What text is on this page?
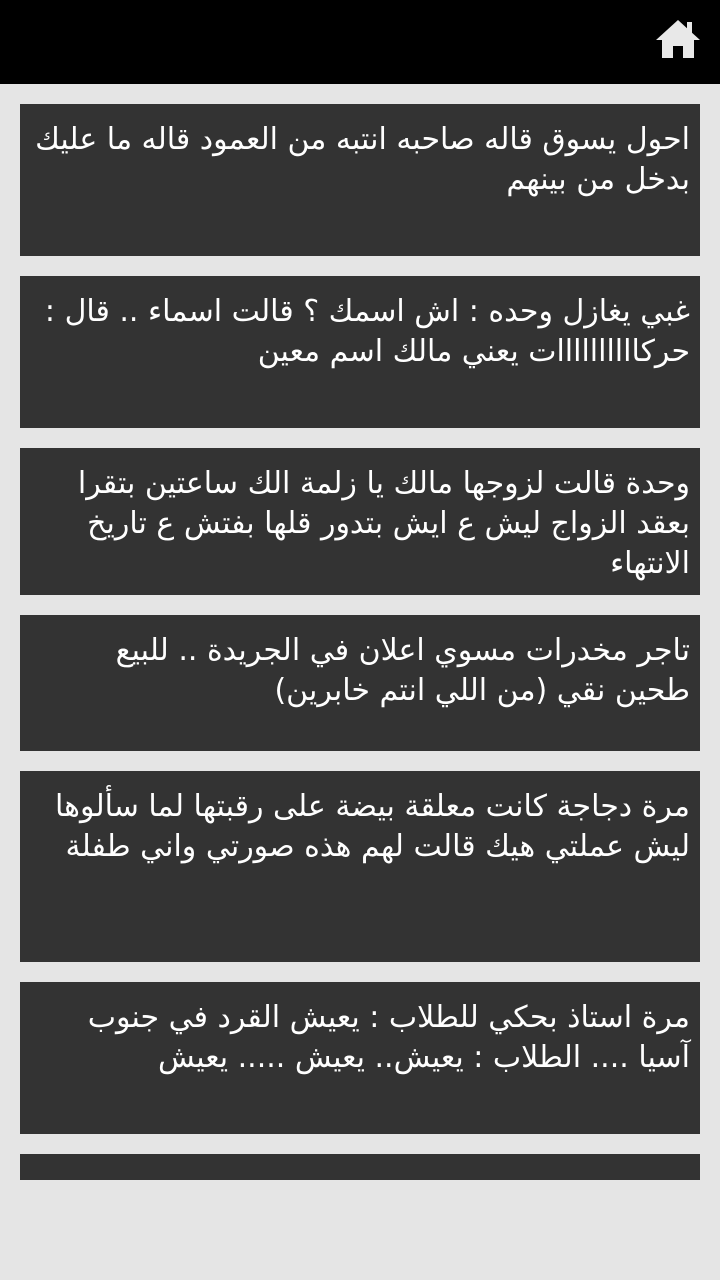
احول يسوق قاله صاحبه انتبه من العمود قاله ما عليك بدخل من بينهم
غبي يغازل وحده : اش اسمك ؟ قالت اسماء .. قال : حركاااااااااات يعني مالك اسم معين
وحدة قالت لزوجها مالك يا زلمة الك ساعتين بتقرا بعقد الزواج ليش ع ايش بتدور قلها بفتش ع تاريخ الانتهاء
تاجر مخدرات مسوي اعلان في الجريدة .. للبيع طحين نقي (من اللي انتم خابرين)
مرة دجاجة كانت معلقة بيضة على رقبتها لما سألوها ليش عملتي هيك قالت لهم هذه صورتي واني طفلة
مرة استاذ بحكي للطلاب : يعيش القرد في جنوب آسيا .... الطلاب : يعيش.. يعيش ..... يعيش
